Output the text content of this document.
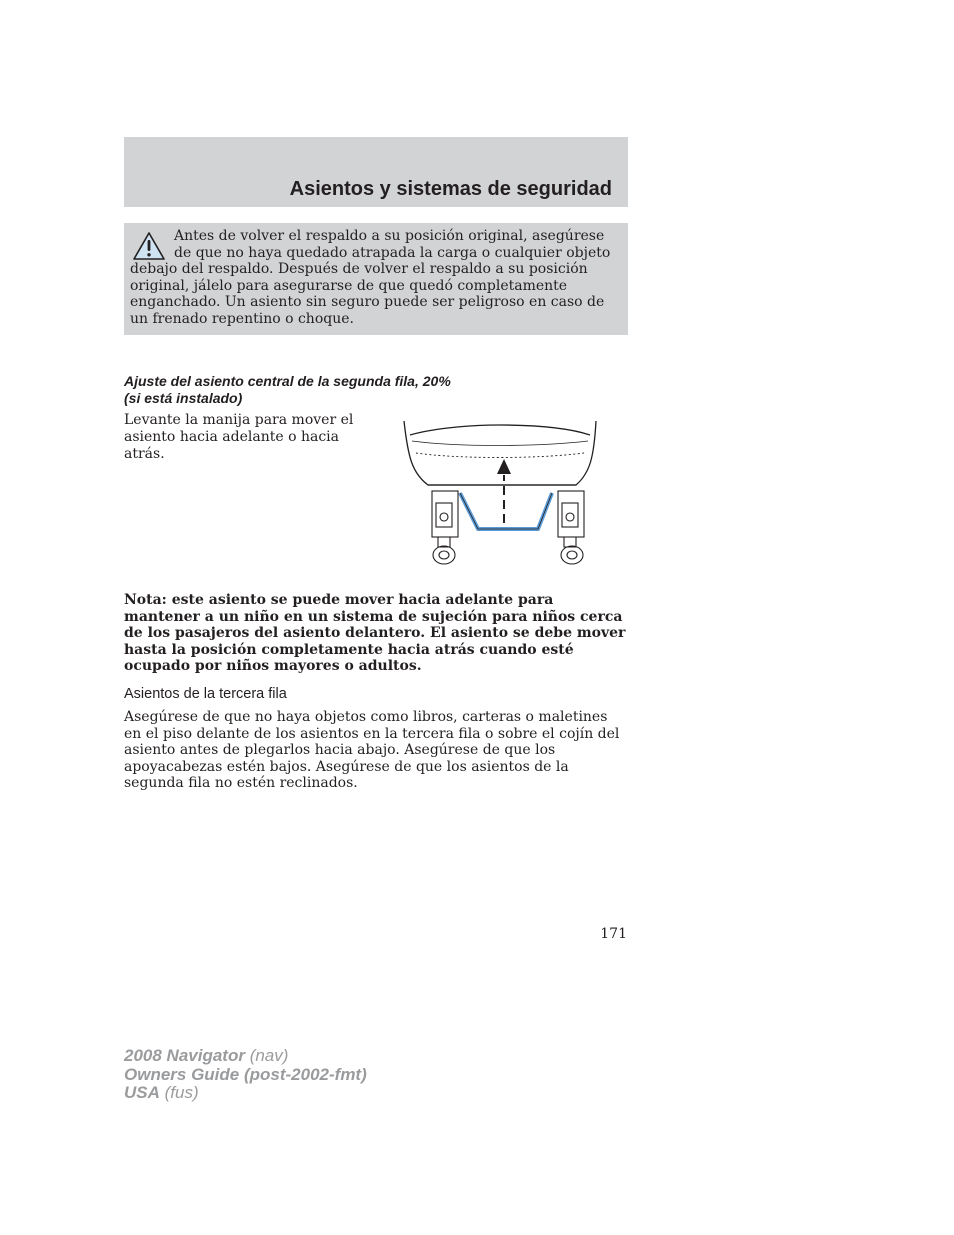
Asientos y sistemas de seguridad

Antes de volver el respaldo a su posición original, asegúrese de que no haya quedado atrapada la carga o cualquier objeto debajo del respaldo. Después de volver el respaldo a su posición original, jálelo para asegurarse de que quedó completamente enganchado. Un asiento sin seguro puede ser peligroso en caso de un frenado repentino o choque.

Ajuste del asiento central de la segunda fila, 20%
(si está instalado)

Levante la manija para mover el asiento hacia adelante o hacia atrás.

Nota: este asiento se puede mover hacia adelante para mantener a un niño en un sistema de sujeción para niños cerca de los pasajeros del asiento delantero. El asiento se debe mover hasta la posición completamente hacia atrás cuando esté ocupado por niños mayores o adultos.

Asientos de la tercera fila

Asegúrese de que no haya objetos como libros, carteras o maletines en el piso delante de los asientos en la tercera fila o sobre el cojín del asiento antes de plegarlos hacia abajo. Asegúrese de que los apoyacabezas estén bajos. Asegúrese de que los asientos de la segunda fila no estén reclinados.

171
2008 Navigator (nav)
Owners Guide (post-2002-fmt)
USA (fus)
